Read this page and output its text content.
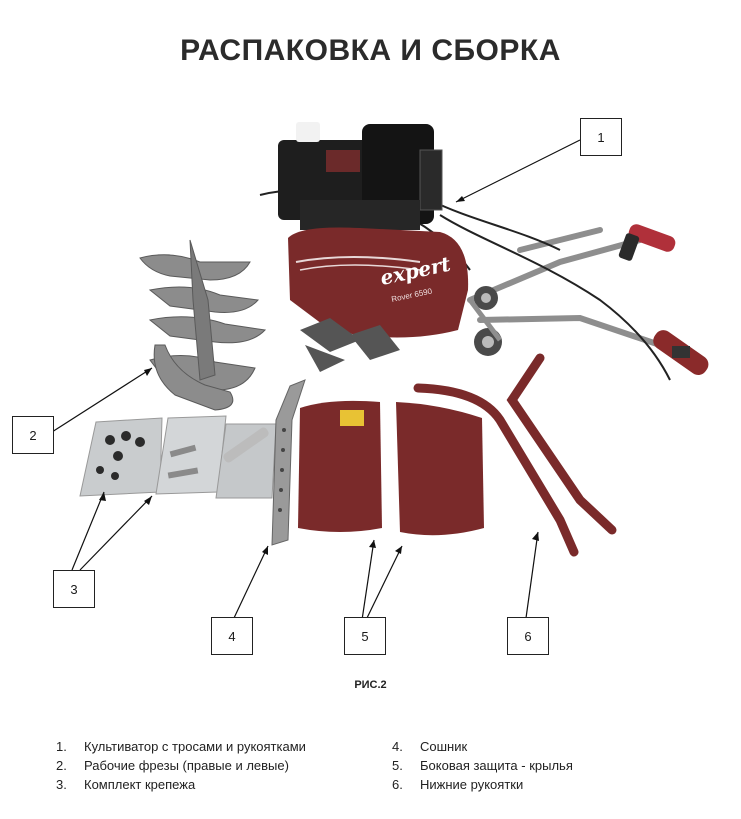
РАСПАКОВКА И СБОРКА
expert
Rover 6590
1
2
3
4	5	6
РИС.2
1.	Культиватор с тросами и рукоятками
2.	Рабочие фрезы (правые и левые)
3.	Комплект крепежа
4.	Сошник
5.	Боковая защита - крылья
6.	Нижние рукоятки
